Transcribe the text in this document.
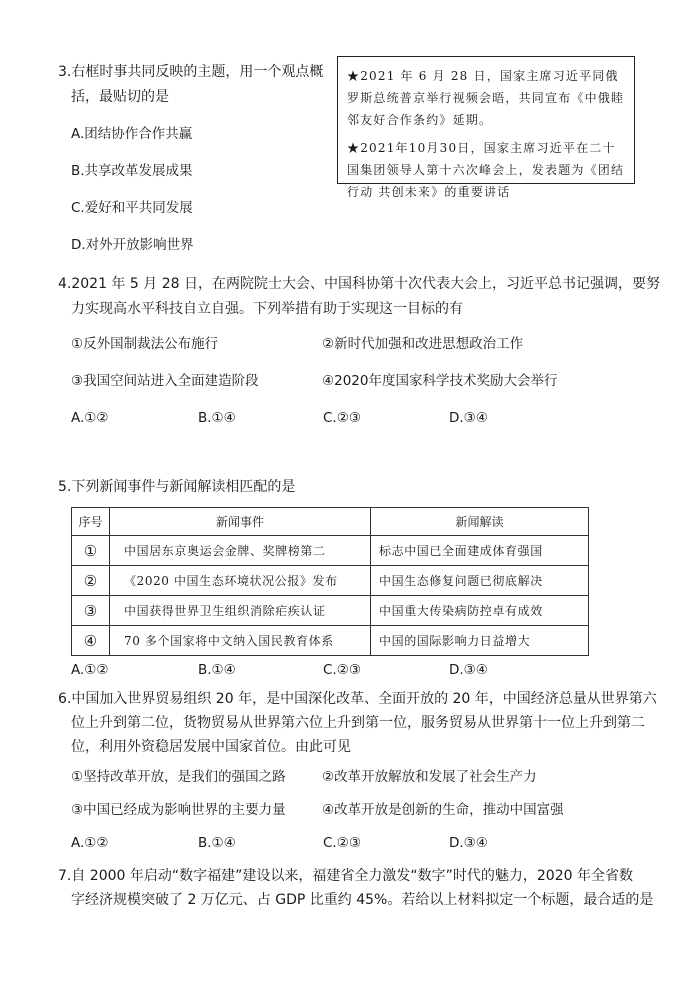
3.右框时事共同反映的主题，用一个观点概
括，最贴切的是
A.团结协作合作共赢
B.共享改革发展成果
C.爱好和平共同发展
D.对外开放影响世界

★2021 年 6 月 28 日，国家主席习近平同俄罗斯总统普京举行视频会晤，共同宣布《中俄睦邻友好合作条约》延期。

★2021年10月30日，国家主席习近平在二十国集团领导人第十六次峰会上，发表题为《团结行动 共创未来》的重要讲话

4.2021 年 5 月 28 日，在两院院士大会、中国科协第十次代表大会上，习近平总书记强调，要努
力实现高水平科技自立自强。下列举措有助于实现这一目标的有
①反外国制裁法公布施行	②新时代加强和改进思想政治工作
③我国空间站进入全面建造阶段	④2020年度国家科学技术奖励大会举行
A.①②	B.①④	C.②③	D.③④
5.下列新闻事件与新闻解读相匹配的是
序号	新闻事件	新闻解读
①	中国居东京奥运会金牌、奖牌榜第二	标志中国已全面建成体育强国
②	《2020 中国生态环境状况公报》发布	中国生态修复问题已彻底解决
③	中国获得世界卫生组织消除疟疾认证	中国重大传染病防控卓有成效
④	70 多个国家将中文纳入国民教育体系	中国的国际影响力日益增大
A.①②	B.①④	C.②③	D.③④
6.中国加入世界贸易组织 20 年，是中国深化改革、全面开放的 20 年，中国经济总量从世界第六
位上升到第二位，货物贸易从世界第六位上升到第一位，服务贸易从世界第十一位上升到第二
位，利用外资稳居发展中国家首位。由此可见
①坚持改革开放，是我们的强国之路	②改革开放解放和发展了社会生产力
③中国已经成为影响世界的主要力量	④改革开放是创新的生命，推动中国富强
A.①②	B.①④	C.②③	D.③④
7.自 2000 年启动“数字福建”建设以来，福建省全力激发“数字”时代的魅力，2020 年全省数
字经济规模突破了 2 万亿元、占 GDP 比重约 45%。若给以上材料拟定一个标题，最合适的是
